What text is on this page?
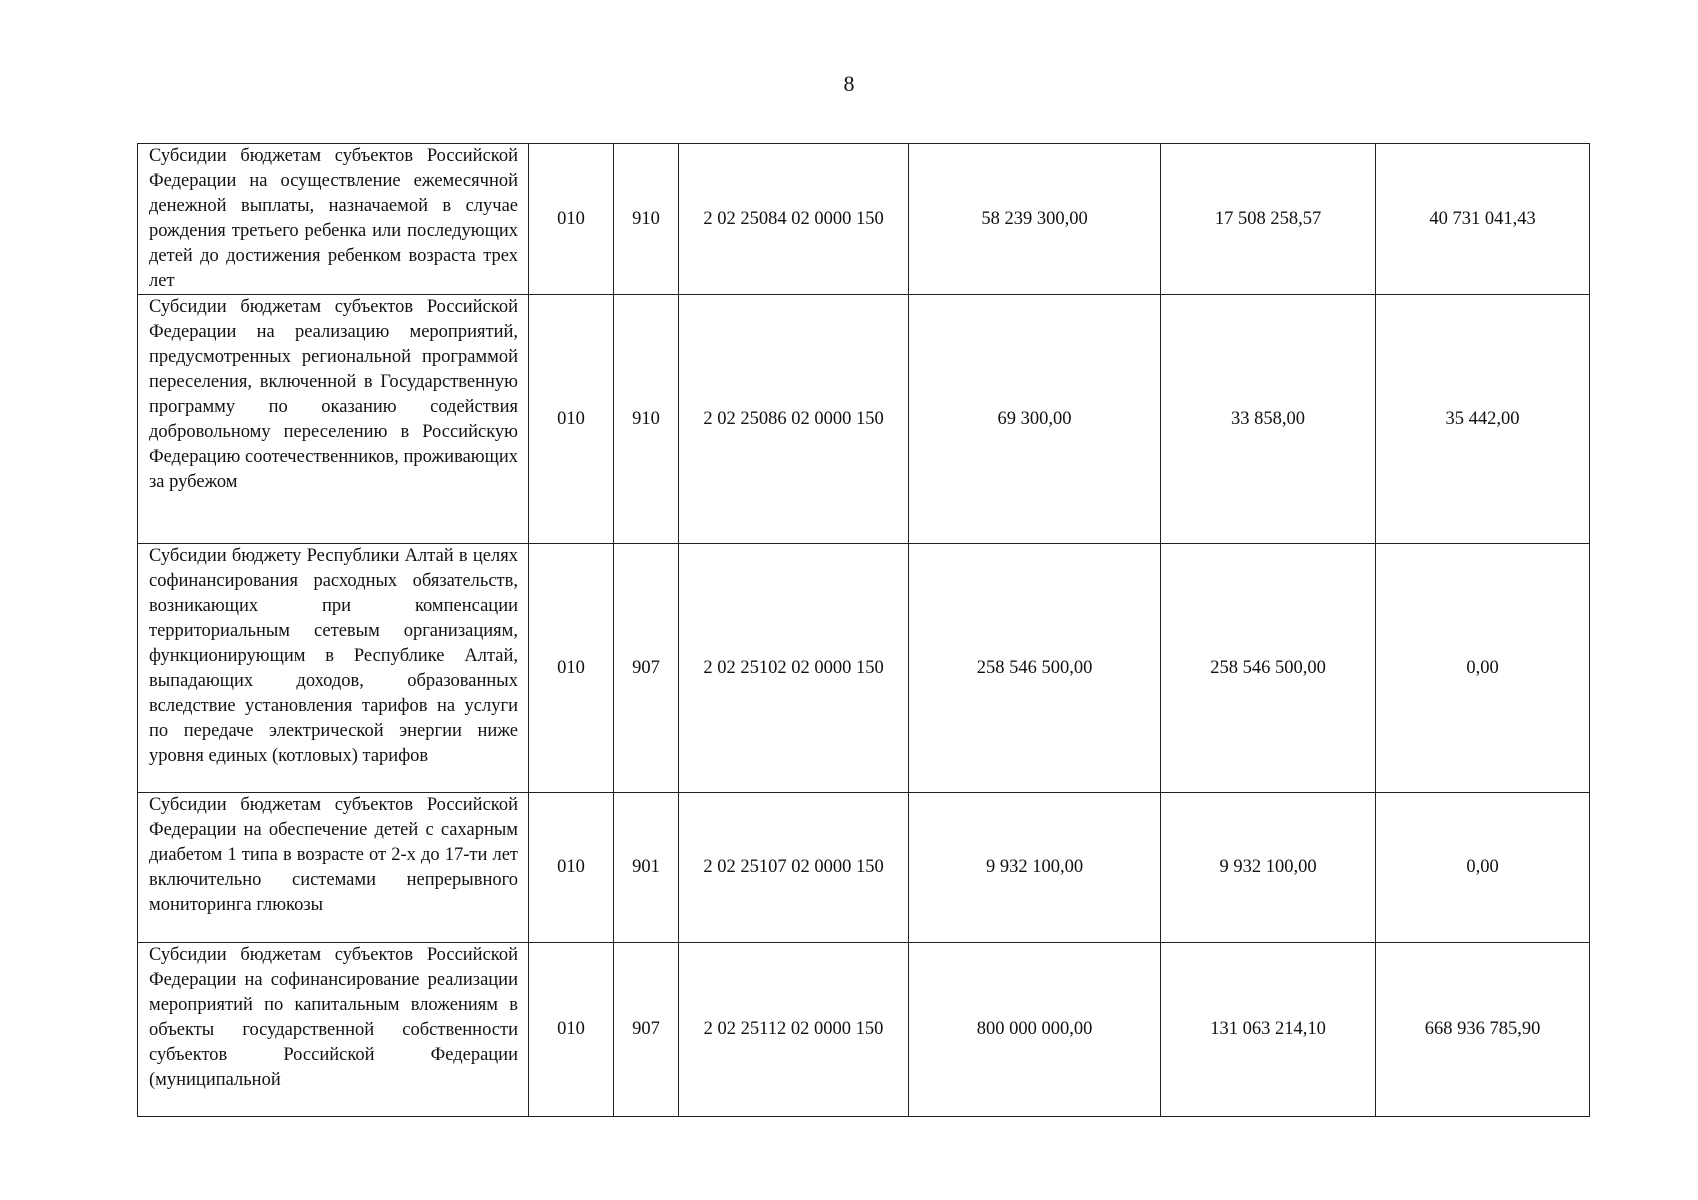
8
Субсидии бюджетам субъектов Российской Федерации на осуществление ежемесячной денежной выплаты, назначаемой в случае рождения третьего ребенка или последующих детей до достижения ребенком возраста трех лет	010	910	2 02 25084 02 0000 150	58 239 300,00	17 508 258,57	40 731 041,43
Субсидии бюджетам субъектов Российской Федерации на реализацию мероприятий, предусмотренных региональной программой переселения, включенной в Государственную программу по оказанию содействия добровольному переселению в Российскую Федерацию соотечественников, проживающих за рубежом	010	910	2 02 25086 02 0000 150	69 300,00	33 858,00	35 442,00
Субсидии бюджету Республики Алтай в целях софинансирования расходных обязательств, возникающих при компенсации территориальным сетевым организациям, функционирующим в Республике Алтай, выпадающих доходов, образованных вследствие установления тарифов на услуги по передаче электрической энергии ниже уровня единых (котловых) тарифов	010	907	2 02 25102 02 0000 150	258 546 500,00	258 546 500,00	0,00
Субсидии бюджетам субъектов Российской Федерации на обеспечение детей с сахарным диабетом 1 типа в возрасте от 2-х до 17-ти лет включительно системами непрерывного мониторинга глюкозы	010	901	2 02 25107 02 0000 150	9 932 100,00	9 932 100,00	0,00
Субсидии бюджетам субъектов Российской Федерации на софинансирование реализации мероприятий по капитальным вложениям в объекты государственной собственности субъектов Российской Федерации (муниципальной	010	907	2 02 25112 02 0000 150	800 000 000,00	131 063 214,10	668 936 785,90
